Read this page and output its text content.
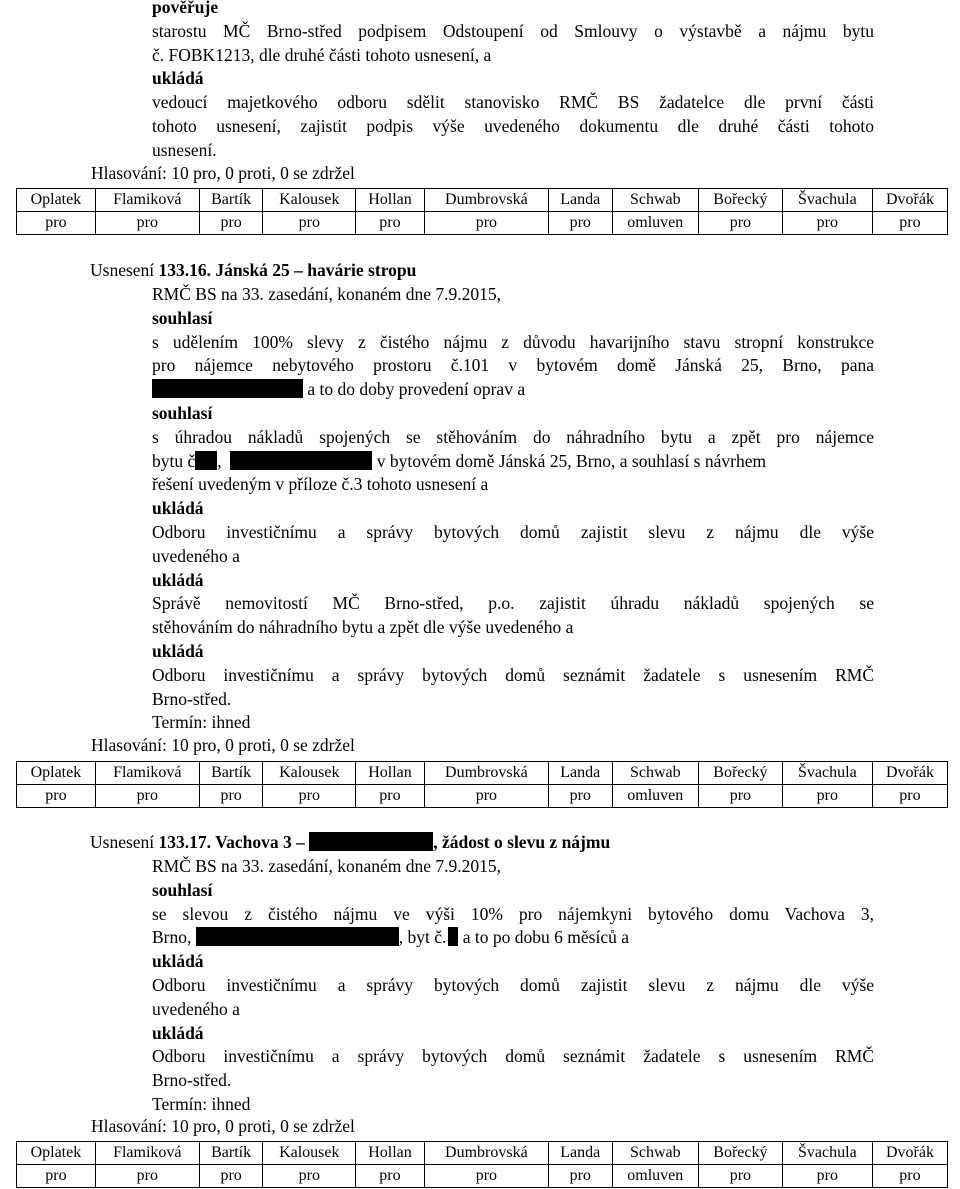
pověřuje
starostu MČ Brno-střed podpisem Odstoupení od Smlouvy o výstavbě a nájmu bytu
č. FOBK1213, dle druhé části tohoto usnesení, a
ukládá
vedoucí majetkového odboru sdělit stanovisko RMČ BS žadatelce dle první části
tohoto usnesení, zajistit podpis výše uvedeného dokumentu dle druhé části tohoto
usnesení.
Hlasování: 10 pro, 0 proti, 0 se zdržel
Oplatek	Flamiková	Bartík	Kalousek	Hollan	Dumbrovská	Landa	Schwab	Bořecký	Švachula	Dvořák
pro	pro	pro	pro	pro	pro	pro	omluven	pro	pro	pro
Usnesení 133.16. Jánská 25 – havárie stropu
RMČ BS na 33. zasedání, konaném dne 7.9.2015,
souhlasí
s udělením 100% slevy z čistého nájmu z důvodu havarijního stavu stropní konstrukce
pro nájemce nebytového prostoru č.101 v bytovém domě Jánská 25, Brno, pana
a to do doby provedení oprav a
souhlasí
s úhradou nákladů spojených se stěhováním do náhradního bytu a zpět pro nájemce
bytu č ,	v bytovém domě Jánská 25, Brno, a souhlasí s návrhem
řešení uvedeným v příloze č.3 tohoto usnesení a
ukládá
Odboru investičnímu a správy bytových domů zajistit slevu z nájmu dle výše
uvedeného a
ukládá
Správě nemovitostí MČ Brno-střed, p.o. zajistit úhradu nákladů spojených se
stěhováním do náhradního bytu a zpět dle výše uvedeného a
ukládá
Odboru investičnímu a správy bytových domů seznámit žadatele s usnesením RMČ
Brno-střed.
Termín: ihned
Hlasování: 10 pro, 0 proti, 0 se zdržel
Oplatek	Flamiková	Bartík	Kalousek	Hollan	Dumbrovská	Landa	Schwab	Bořecký	Švachula	Dvořák
pro	pro	pro	pro	pro	pro	pro	omluven	pro	pro	pro
Usnesení 133.17. Vachova 3 –	, žádost o slevu z nájmu
RMČ BS na 33. zasedání, konaném dne 7.9.2015,
souhlasí
se slevou z čistého nájmu ve výši 10% pro nájemkyni bytového domu Vachova 3,
Brno,	, byt č. a to po dobu 6 měsíců a
ukládá
Odboru investičnímu a správy bytových domů zajistit slevu z nájmu dle výše
uvedeného a
ukládá
Odboru investičnímu a správy bytových domů seznámit žadatele s usnesením RMČ
Brno-střed.
Termín: ihned
Hlasování: 10 pro, 0 proti, 0 se zdržel
Oplatek	Flamiková	Bartík	Kalousek	Hollan	Dumbrovská	Landa	Schwab	Bořecký	Švachula	Dvořák
pro	pro	pro	pro	pro	pro	pro	omluven	pro	pro	pro
